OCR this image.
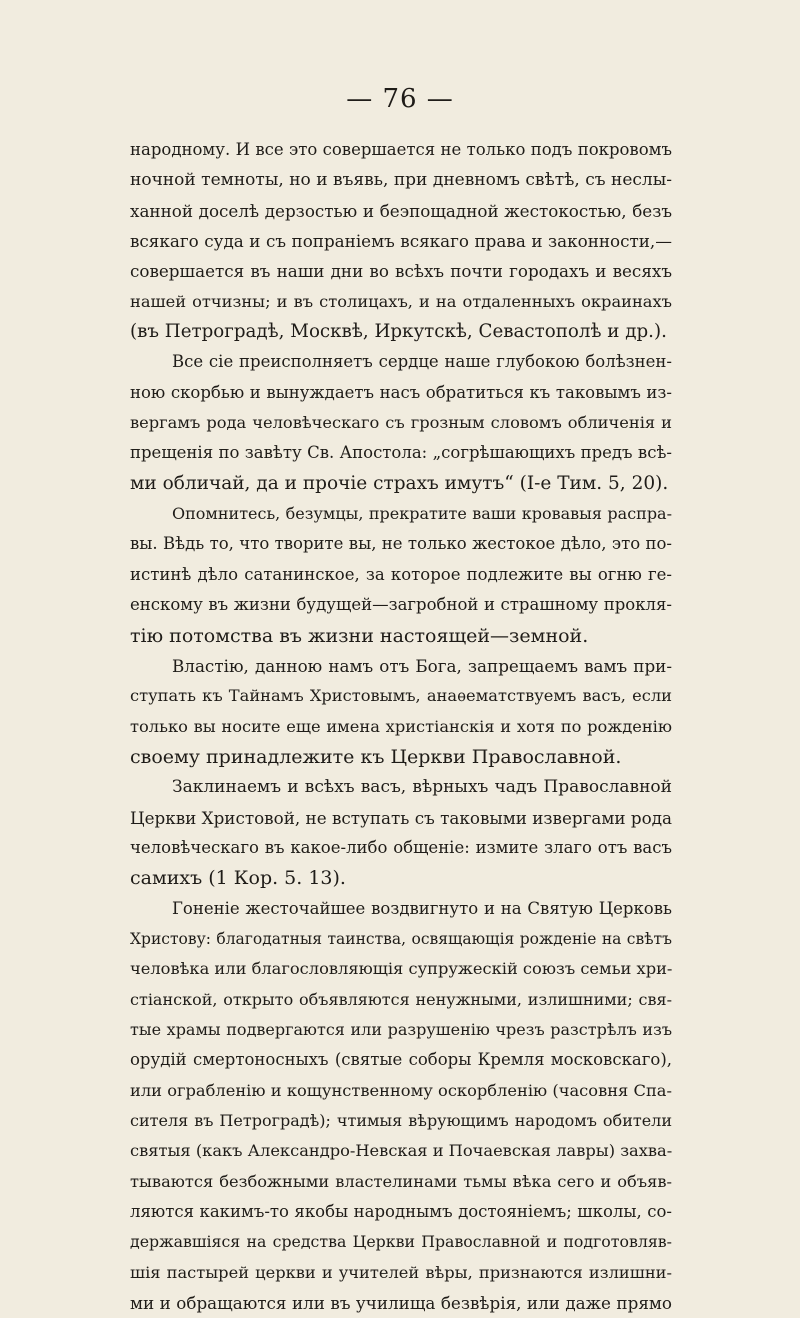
— 76 —
народному. И все это совершается не только подъ покровомъ
ночной темноты, но и въявь, при дневномъ свѣтѣ, съ неслы-
ханной доселѣ дерзостью и беэпощадной жестокостью, безъ
всякаго суда и съ попраніемъ всякаго права и законности,—
совершается въ наши дни во всѣхъ почти городахъ и весяхъ
нашей отчизны; и въ столицахъ, и на отдаленныхъ окраинахъ
(въ Петроградѣ, Москвѣ, Иркутскѣ, Севастополѣ и др.).
Все сіе преисполняетъ сердце наше глубокою болѣзнен-
ною скорбью и вынуждаетъ насъ обратиться къ таковымъ из-
вергамъ рода человѣческаго съ грозным словомъ обличенія и
прещенія по завѣту Св. Апостола: „согрѣшающихъ предъ всѣ-
ми обличай, да и прочіе страхъ имутъ“ (І-е Тим. 5, 20).
Опомнитесь, безумцы, прекратите ваши кровавыя распра-
вы. Вѣдь то, что творите вы, не только жестокое дѣло, это по-
истинѣ дѣло сатанинское, за которое подлежите вы огню ге-
енскому въ жизни будущей—загробной и страшному прокля-
тію потомства въ жизни настоящей—земной.
Властію, данною намъ отъ Бога, запрещаемъ вамъ при-
ступать къ Тайнамъ Христовымъ, анаѳематствуемъ васъ, если
только вы носите еще имена христіанскія и хотя по рожденію
своему принадлежите къ Церкви Православной.
Заклинаемъ и всѣхъ васъ, вѣрныхъ чадъ Православной
Церкви Христовой, не вступать съ таковыми извергами рода
человѣческаго въ какое-либо общеніе: измите злаго отъ васъ
самихъ (1 Кор. 5. 13).
Гоненіе жесточайшее воздвигнуто и на Святую Церковь
Христову: благодатныя таинства, освящающія рожденіе на свѣтъ
человѣка или благословляющія супружескій союзъ семьи хри-
стіанской, открыто объявляются ненужными, излишними; свя-
тые храмы подвергаются или разрушенію чрезъ разстрѣлъ изъ
орудій смертоносныхъ (святые соборы Кремля московскаго),
или ограбленію и кощунственному оскорбленію (часовня Спа-
сителя въ Петроградѣ); чтимыя вѣрующимъ народомъ обители
святыя (какъ Александро-Невская и Почаевская лавры) захва-
тываются безбожными властелинами тьмы вѣка сего и объяв-
ляются какимъ-то якобы народнымъ достояніемъ; школы, со-
державшіяся на средства Церкви Православной и подготовляв-
шія пастырей церкви и учителей вѣры, признаются излишни-
ми и обращаются или въ училища безвѣрія, или даже прямо
